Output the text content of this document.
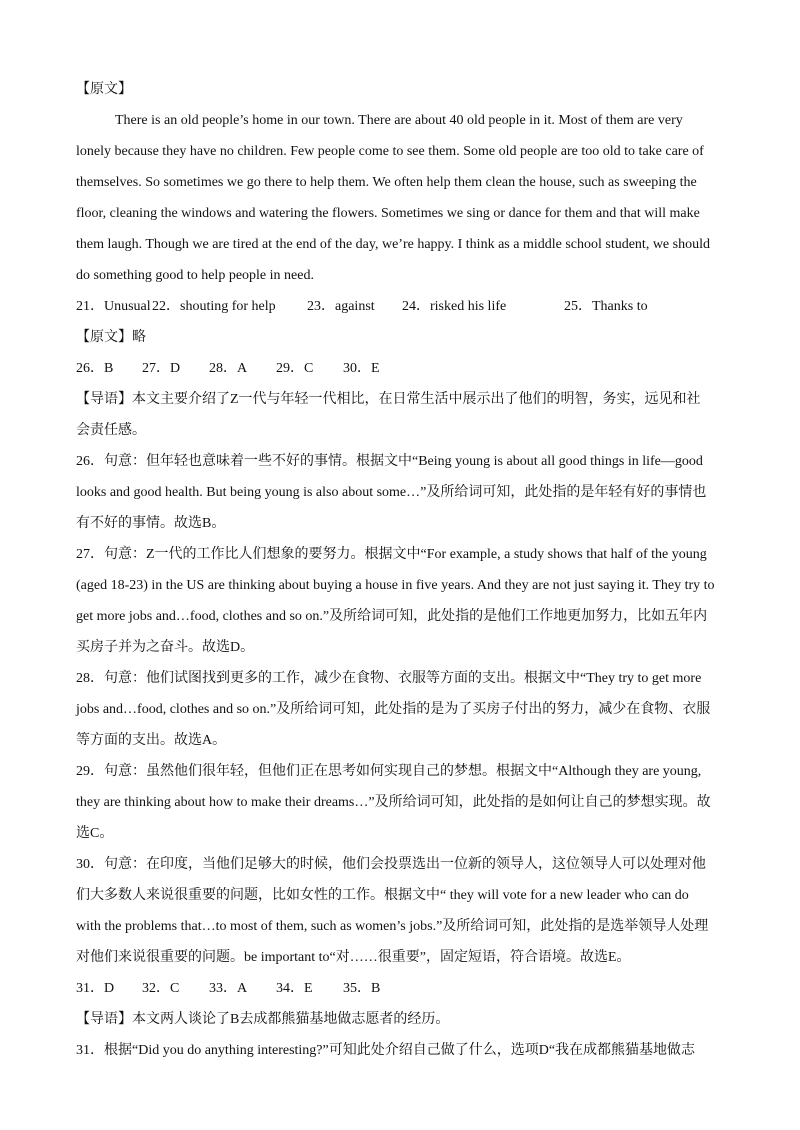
【原文】
There is an old people’s home in our town. There are about 40 old people in it. Most of them are very
lonely because they have no children. Few people come to see them. Some old people are too old to take care of
themselves. So sometimes we go there to help them. We often help them clean the house, such as sweeping the
floor, cleaning the windows and watering the flowers. Sometimes we sing or dance for them and that will make
them laugh. Though we are tired at the end of the day, we’re happy. I think as a middle school student, we should
do something good to help people in need.
21．Unusual22．shouting for help 23．against 24．risked his life	25．Thanks to
【原文】略
26．B 27．D 28．A 29．C 30．E
【导语】本文主要介绍了Z一代与年轻一代相比，在日常生活中展示出了他们的明智，务实，远见和社
会责任感。
26．句意：但年轻也意味着一些不好的事情。根据文中“Being young is about all good things in life—good
looks and good health. But being young is also about some…”及所给词可知，此处指的是年轻有好的事情也
有不好的事情。故选B。
27．句意：Z一代的工作比人们想象的要努力。根据文中“For example, a study shows that half of the young
(aged 18-23) in the US are thinking about buying a house in five years. And they are not just saying it. They try to
get more jobs and…food, clothes and so on.”及所给词可知，此处指的是他们工作地更加努力，比如五年内
买房子并为之奋斗。故选D。
28．句意：他们试图找到更多的工作，减少在食物、衣服等方面的支出。根据文中“They try to get more
jobs and…food, clothes and so on.”及所给词可知，此处指的是为了买房子付出的努力，减少在食物、衣服
等方面的支出。故选A。
29．句意：虽然他们很年轻，但他们正在思考如何实现自己的梦想。根据文中“Although they are young,
they are thinking about how to make their dreams…”及所给词可知，此处指的是如何让自己的梦想实现。故
选C。
30．句意：在印度，当他们足够大的时候，他们会投票选出一位新的领导人，这位领导人可以处理对他
们大多数人来说很重要的问题，比如女性的工作。根据文中“ they will vote for a new leader who can do
with the problems that…to most of them, such as women’s jobs.”及所给词可知，此处指的是选举领导人处理
对他们来说很重要的问题。be important to“对……很重要”，固定短语，符合语境。故选E。
31．D 32．C 33．A 34．E 35．B
【导语】本文两人谈论了B去成都熊猫基地做志愿者的经历。
31．根据“Did you do anything interesting?”可知此处介绍自己做了什么，选项D“我在成都熊猫基地做志
